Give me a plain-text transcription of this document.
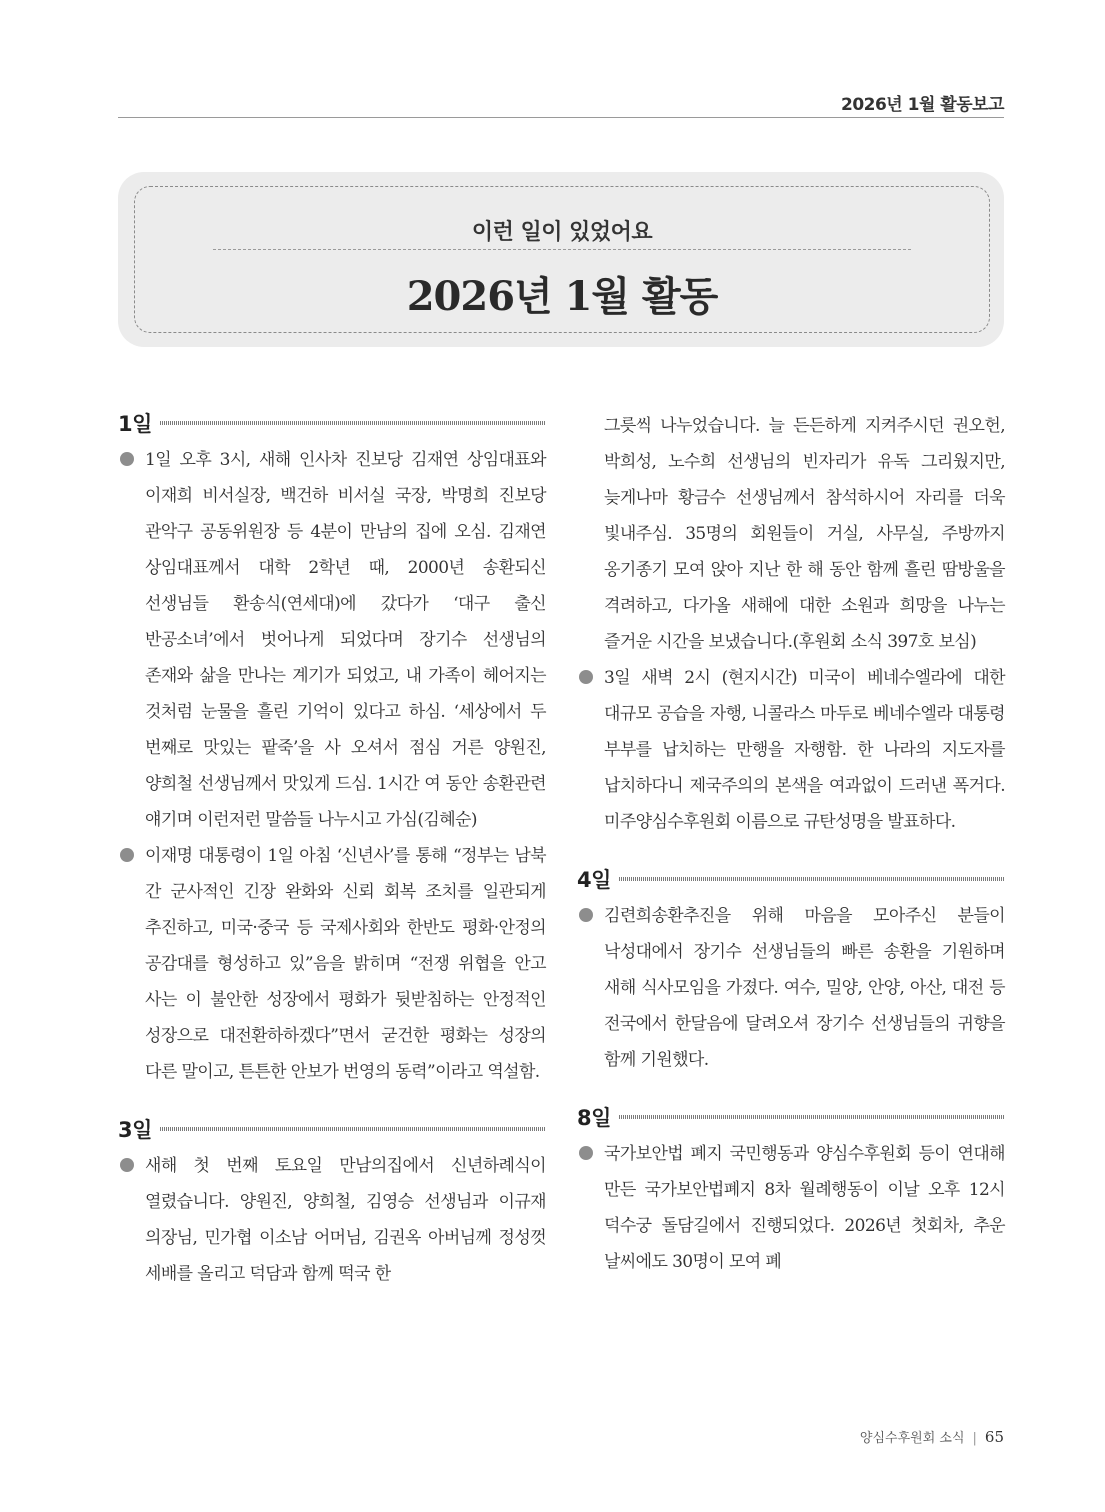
2026년 1월 활동보고
이런 일이 있었어요
2026년 1월 활동
1일

1일 오후 3시, 새해 인사차 진보당 김재연 상임대표와 이재희 비서실장, 백건하 비서실 국장, 박명희 진보당 관악구 공동위원장 등 4분이 만남의 집에 오심. 김재연 상임대표께서 대학 2학년 때, 2000년 송환되신 선생님들 환송식(연세대)에 갔다가 ‘대구 출신 반공소녀’에서 벗어나게 되었다며 장기수 선생님의 존재와 삶을 만나는 계기가 되었고, 내 가족이 헤어지는 것처럼 눈물을 흘린 기억이 있다고 하심. ‘세상에서 두 번째로 맛있는 팥죽’을 사 오셔서 점심 거른 양원진, 양희철 선생님께서 맛있게 드심. 1시간 여 동안 송환관련 얘기며 이런저런 말씀들 나누시고 가심(김혜순)

이재명 대통령이 1일 아침 ‘신년사’를 통해 “정부는 남북 간 군사적인 긴장 완화와 신뢰 회복 조치를 일관되게 추진하고, 미국·중국 등 국제사회와 한반도 평화·안정의 공감대를 형성하고 있”음을 밝히며 “전쟁 위협을 안고 사는 이 불안한 성장에서 평화가 뒷받침하는 안정적인 성장으로 대전환하하겠다”면서 굳건한 평화는 성장의 다른 말이고, 튼튼한 안보가 번영의 동력”이라고 역설함.

3일

새해 첫 번째 토요일 만남의집에서 신년하례식이 열렸습니다. 양원진, 양희철, 김영승 선생님과 이규재 의장님, 민가협 이소남 어머님, 김권옥 아버님께 정성껏 세배를 올리고 덕담과 함께 떡국 한

그릇씩 나누었습니다. 늘 든든하게 지켜주시던 권오헌, 박희성, 노수희 선생님의 빈자리가 유독 그리웠지만, 늦게나마 황금수 선생님께서 참석하시어 자리를 더욱 빛내주심. 35명의 회원들이 거실, 사무실, 주방까지 옹기종기 모여 앉아 지난 한 해 동안 함께 흘린 땀방울을 격려하고, 다가올 새해에 대한 소원과 희망을 나누는 즐거운 시간을 보냈습니다.(후원회 소식 397호 보심)

3일 새벽 2시 (현지시간) 미국이 베네수엘라에 대한 대규모 공습을 자행, 니콜라스 마두로 베네수엘라 대통령 부부를 납치하는 만행을 자행함. 한 나라의 지도자를 납치하다니 제국주의의 본색을 여과없이 드러낸 폭거다. 미주양심수후원회 이름으로 규탄성명을 발표하다.

4일

김련희송환추진을 위해 마음을 모아주신 분들이 낙성대에서 장기수 선생님들의 빠른 송환을 기원하며 새해 식사모임을 가졌다. 여수, 밀양, 안양, 아산, 대전 등 전국에서 한달음에 달려오셔 장기수 선생님들의 귀향을 함께 기원했다.

8일

국가보안법 폐지 국민행동과 양심수후원회 등이 연대해 만든 국가보안법폐지 8차 월례행동이 이날 오후 12시 덕수궁 돌담길에서 진행되었다. 2026년 첫회차, 추운 날씨에도 30명이 모여 폐

양심수후원회 소식 | 65
